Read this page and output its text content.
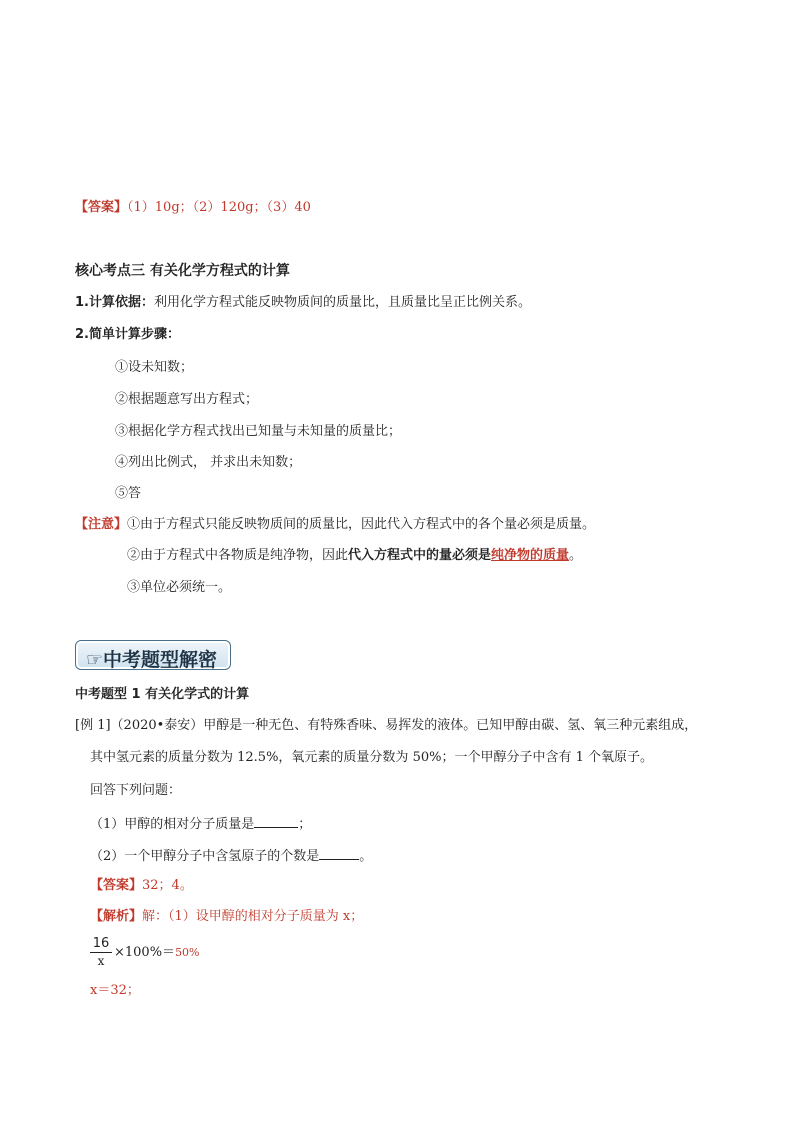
【答案】（1）10g；（2）120g；（3）40
核心考点三 有关化学方程式的计算
1.计算依据：利用化学方程式能反映物质间的质量比，且质量比呈正比例关系。
2.简单计算步骤：
①设未知数；
②根据题意写出方程式；
③根据化学方程式找出已知量与未知量的质量比；
④列出比例式， 并求出未知数；
⑤答
【注意】①由于方程式只能反映物质间的质量比，因此代入方程式中的各个量必须是质量。
②由于方程式中各物质是纯净物，因此代入方程式中的量必须是纯净物的质量。
③单位必须统一。
☞中考题型解密
中考题型 1 有关化学式的计算
[例 1]（2020•泰安）甲醇是一种无色、有特殊香味、易挥发的液体。已知甲醇由碳、氢、氧三种元素组成，
其中氢元素的质量分数为 12.5%，氧元素的质量分数为 50%；一个甲醇分子中含有 1 个氧原子。
回答下列问题：
（1）甲醇的相对分子质量是	；
（2）一个甲醇分子中含氢原子的个数是	。
【答案】32；4。
【解析】解：（1）设甲醇的相对分子质量为 x；
16
x
×100%＝50%
x＝32；
